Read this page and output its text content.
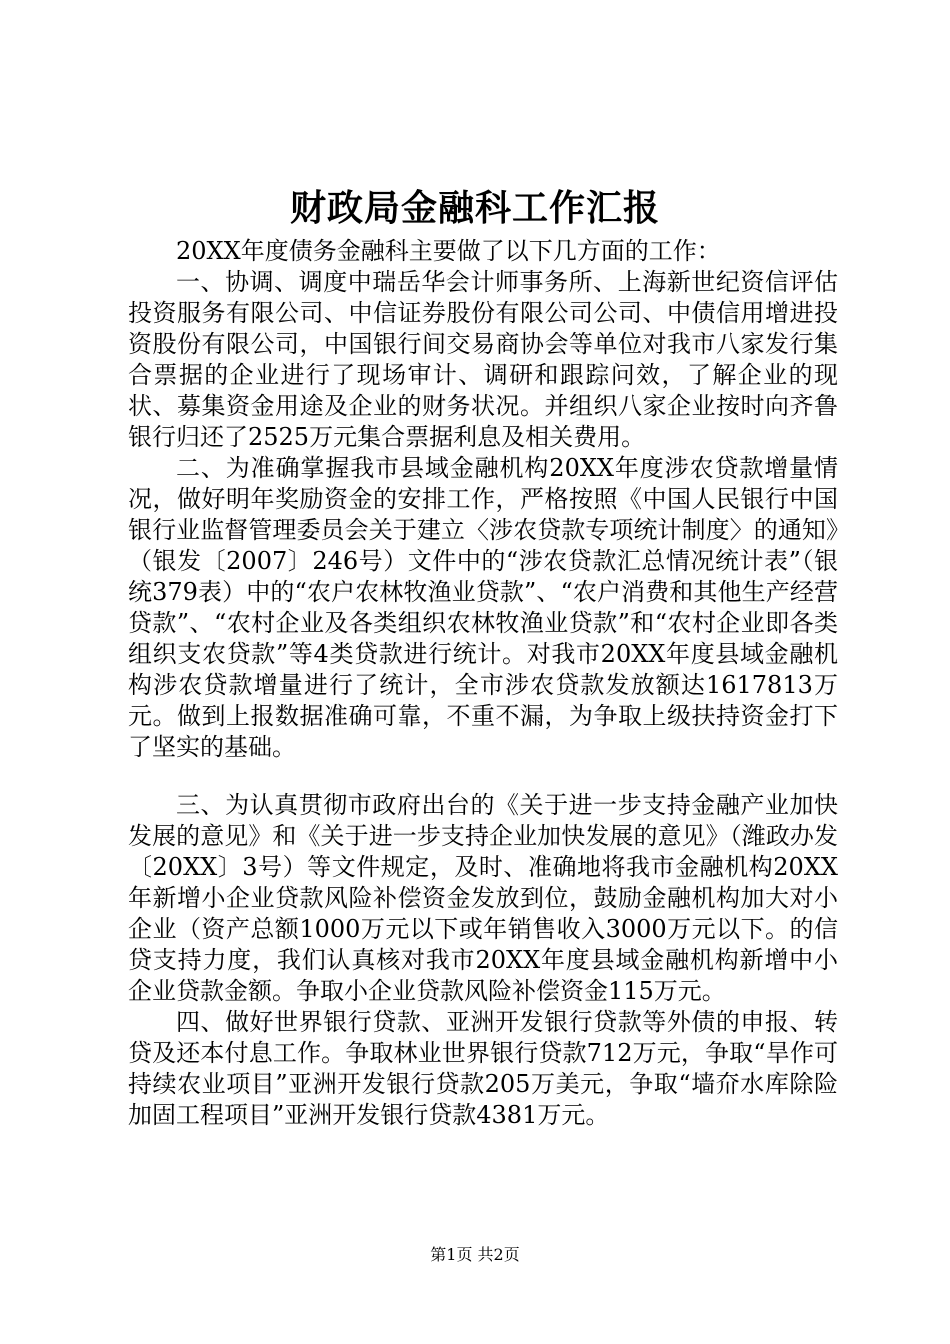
财政局金融科工作汇报

20XX年度债务金融科主要做了以下几方面的工作：

一、协调、调度中瑞岳华会计师事务所、上海新世纪资信评估投资服务有限公司、中信证券股份有限公司公司、中债信用增进投资股份有限公司，中国银行间交易商协会等单位对我市八家发行集合票据的企业进行了现场审计、调研和跟踪问效，了解企业的现状、募集资金用途及企业的财务状况。并组织八家企业按时向齐鲁银行归还了2525万元集合票据利息及相关费用。

二、为准确掌握我市县域金融机构20XX年度涉农贷款增量情况，做好明年奖励资金的安排工作，严格按照《中国人民银行中国银行业监督管理委员会关于建立〈涉农贷款专项统计制度〉的通知》（银发〔2007〕246号）文件中的“涉农贷款汇总情况统计表”（银统379表）中的“农户农林牧渔业贷款”、“农户消费和其他生产经营贷款”、“农村企业及各类组织农林牧渔业贷款”和“农村企业即各类组织支农贷款”等4类贷款进行统计。对我市20XX年度县域金融机构涉农贷款增量进行了统计，全市涉农贷款发放额达1617813万元。做到上报数据准确可靠，不重不漏，为争取上级扶持资金打下了坚实的基础。

三、为认真贯彻市政府出台的《关于进一步支持金融产业加快发展的意见》和《关于进一步支持企业加快发展的意见》（潍政办发〔20XX〕3号）等文件规定，及时、准确地将我市金融机构20XX年新增小企业贷款风险补偿资金发放到位，鼓励金融机构加大对小企业（资产总额1000万元以下或年销售收入3000万元以下。的信贷支持力度，我们认真核对我市20XX年度县域金融机构新增中小企业贷款金额。争取小企业贷款风险补偿资金115万元。

四、做好世界银行贷款、亚洲开发银行贷款等外债的申报、转贷及还本付息工作。争取林业世界银行贷款712万元，争取“旱作可持续农业项目”亚洲开发银行贷款205万美元，争取“墙夼水库除险加固工程项目”亚洲开发银行贷款4381万元。

第1页 共2页
